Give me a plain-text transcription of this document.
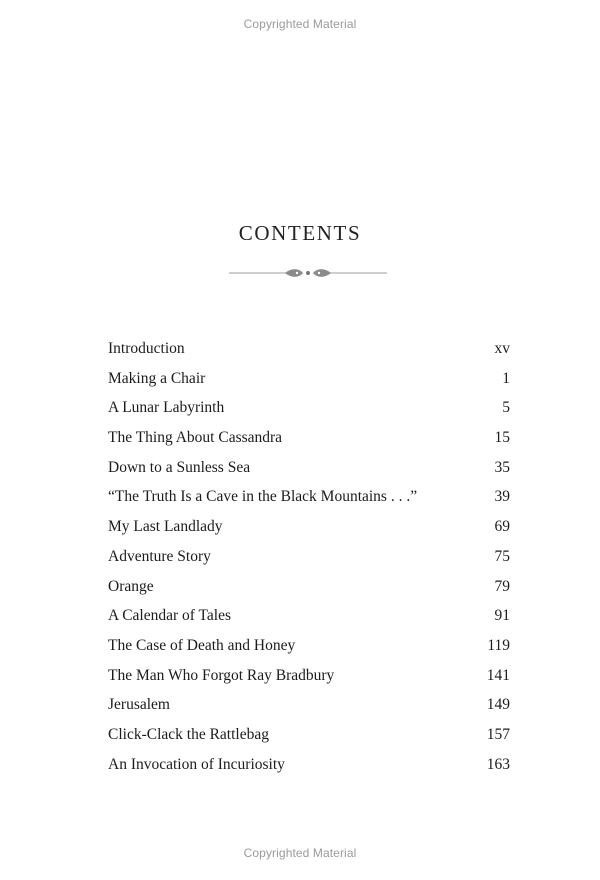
Copyrighted Material
CONTENTS
Introduction	xv
Making a Chair	1
A Lunar Labyrinth	5
The Thing About Cassandra	15
Down to a Sunless Sea	35
“The Truth Is a Cave in the Black Mountains . . .”	39
My Last Landlady	69
Adventure Story	75
Orange	79
A Calendar of Tales	91
The Case of Death and Honey	119
The Man Who Forgot Ray Bradbury	141
Jerusalem	149
Click-Clack the Rattlebag	157
An Invocation of Incuriosity	163
Copyrighted Material
